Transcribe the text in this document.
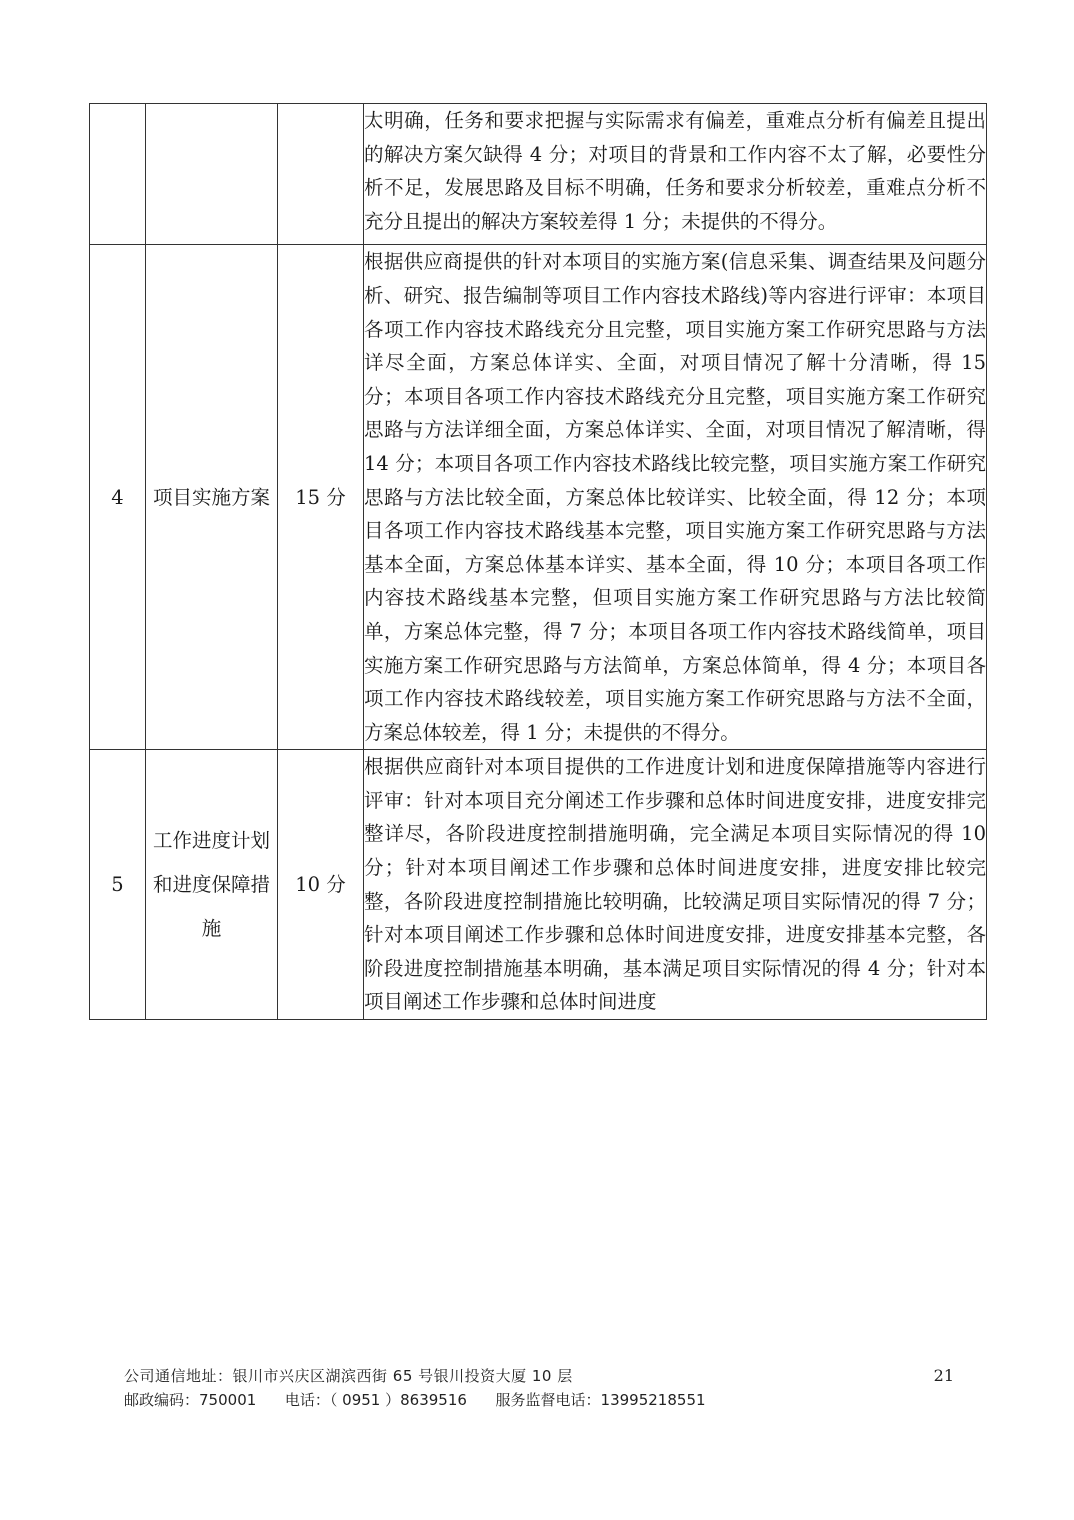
			太明确，任务和要求把握与实际需求有偏差，重难点分析有偏差且提出的解决方案欠缺得 4 分；对项目的背景和工作内容不太了解，必要性分析不足，发展思路及目标不明确，任务和要求分析较差，重难点分析不充分且提出的解决方案较差得 1 分；未提供的不得分。
4	项目实施方案	15 分	根据供应商提供的针对本项目的实施方案(信息采集、调查结果及问题分析、研究、报告编制等项目工作内容技术路线)等内容进行评审：本项目各项工作内容技术路线充分且完整，项目实施方案工作研究思路与方法详尽全面，方案总体详实、全面，对项目情况了解十分清晰，得 15 分；本项目各项工作内容技术路线充分且完整，项目实施方案工作研究思路与方法详细全面，方案总体详实、全面，对项目情况了解清晰，得 14 分；本项目各项工作内容技术路线比较完整，项目实施方案工作研究思路与方法比较全面，方案总体比较详实、比较全面，得 12 分；本项目各项工作内容技术路线基本完整，项目实施方案工作研究思路与方法基本全面，方案总体基本详实、基本全面，得 10 分；本项目各项工作内容技术路线基本完整，但项目实施方案工作研究思路与方法比较简单，方案总体完整，得 7 分；本项目各项工作内容技术路线简单，项目实施方案工作研究思路与方法简单，方案总体简单，得 4 分；本项目各项工作内容技术路线较差，项目实施方案工作研究思路与方法不全面，方案总体较差，得 1 分；未提供的不得分。
5	工作进度计划和进度保障措施	10 分	根据供应商针对本项目提供的工作进度计划和进度保障措施等内容进行评审：针对本项目充分阐述工作步骤和总体时间进度安排，进度安排完整详尽，各阶段进度控制措施明确，完全满足本项目实际情况的得 10 分；针对本项目阐述工作步骤和总体时间进度安排，进度安排比较完整，各阶段进度控制措施比较明确，比较满足项目实际情况的得 7 分；针对本项目阐述工作步骤和总体时间进度安排，进度安排基本完整，各阶段进度控制措施基本明确，基本满足项目实际情况的得 4 分；针对本项目阐述工作步骤和总体时间进度
公司通信地址：银川市兴庆区湖滨西街 65 号银川投资大厦 10 层
邮政编码：750001 电话：（ 0951 ）8639516 服务监督电话：13995218551
21
